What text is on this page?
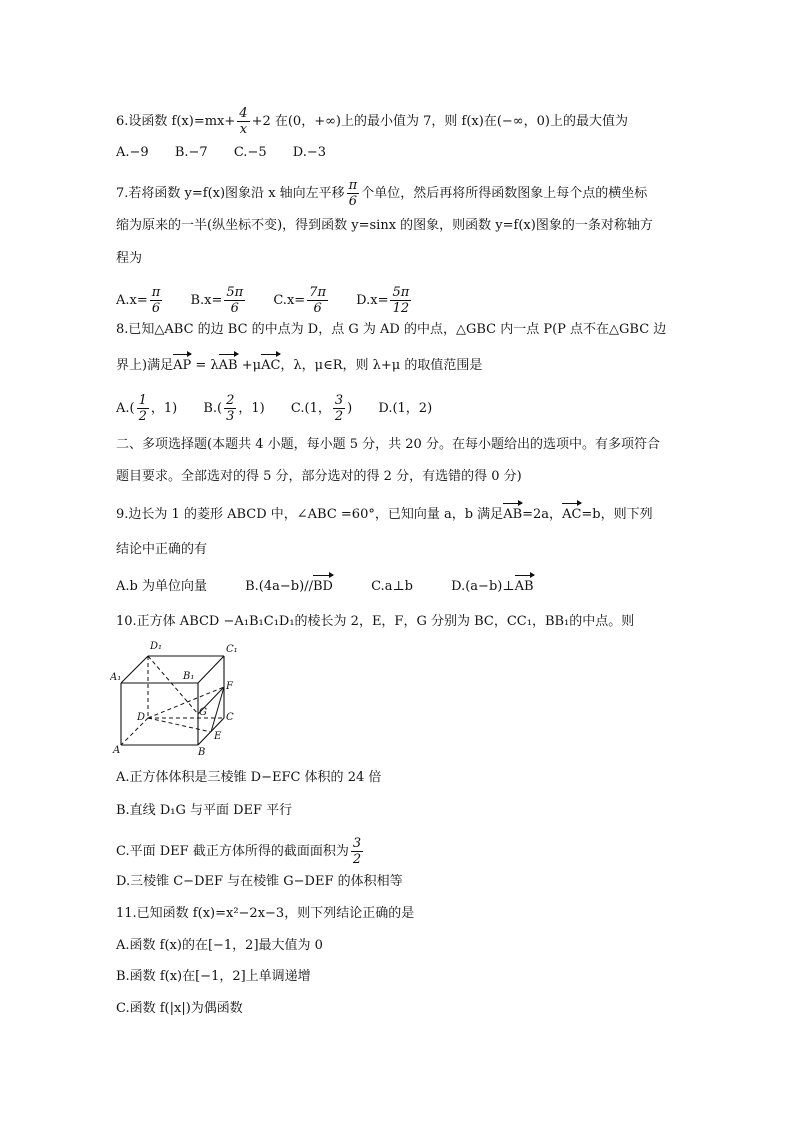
6.设函数 $f(x)=mx+ \frac{4}{x} +2$ 在(0，+∞)上的最小值为 7，则 f(x)在(−∞，0)上的最大值为
A.−9 B.−7 C.−5 D.−3
7.若将函数 y=f(x)图象沿 x 轴向左平移 $\frac{\pi}{6}$ 个单位，然后再将所得函数图象上每个点的横坐标
缩为原来的一半(纵坐标不变)，得到函数 y=sinx 的图象，则函数 y=f(x)图象的一条对称轴方
程为
$A.x= \frac{\pi}{6} B.x= \frac{5\pi}{6} C.x= \frac{7\pi}{6} D.x= \frac{5\pi}{12}$
8.已知△ABC 的边 BC 的中点为 D，点 G 为 AD 的中点，△GBC 内一点 P(P 点不在△GBC 边
界上)满足AP = λAB +μAC，λ，μ∈R，则 λ+μ 的取值范围是
$A.( \frac{1}{2}$ ，1) $B.( \frac{2}{3}$ ，1) C.(1， $\frac{3}{2}$ ) D.(1，2)
二、多项选择题(本题共 4 小题，每小题 5 分，共 20 分。在每小题给出的选项中。有多项符合
题目要求。全部选对的得 5 分，部分选对的得 2 分，有选错的得 0 分)
9.边长为 1 的菱形 ABCD 中，∠ABC =60°，已知向量 a，b 满足AB=2a，AC=b，则下列
结论中正确的有
A.b 为单位向量	B.(4a−b)//BD	C.a⊥b	D.(a−b)⊥AB
10.正方体 ABCD −A₁B₁C₁D₁的棱长为 2，E，F，G 分别为 BC，CC₁，BB₁的中点。则
D₁	C₁
A₁	B₁
F
D	G C
E
A	B
A.正方体体积是三棱锥 D−EFC 体积的 24 倍
B.直线 D₁G 与平面 DEF 平行
C.平面 DEF 截正方体所得的截面面积为 $\frac{3}{2}$
D.三棱锥 C−DEF 与在棱锥 G−DEF 的体积相等
11.已知函数 f(x)=x²−2x−3，则下列结论正确的是
A.函数 f(x)的在[−1，2]最大值为 0
B.函数 f(x)在[−1，2]上单调递增
C.函数 f(|x|)为偶函数
